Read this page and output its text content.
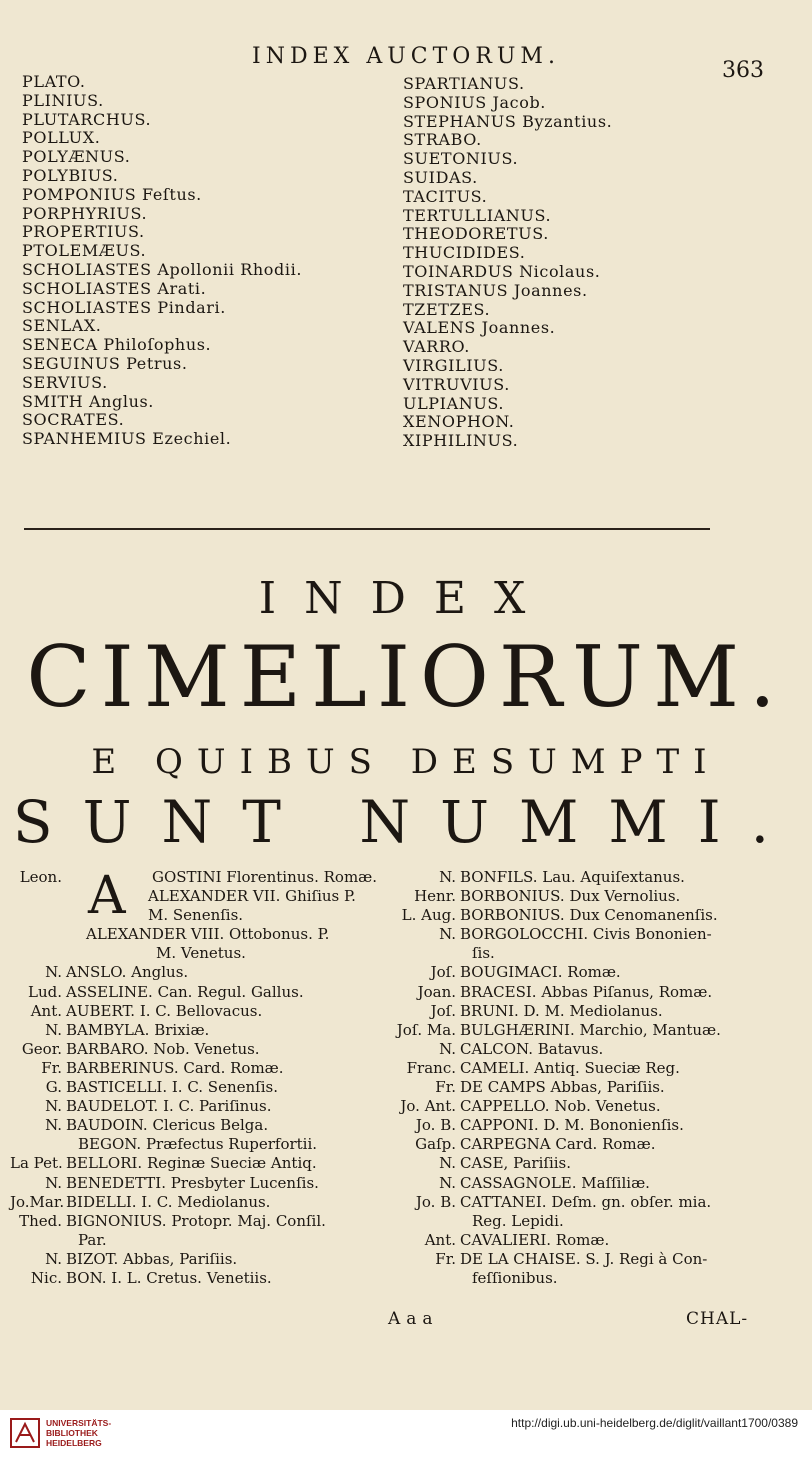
INDEX AUCTORUM.
363
PLATO.
PLINIUS.
PLUTARCHUS.
POLLUX.
POLYÆNUS.
POLYBIUS.
POMPONIUS Feſtus.
PORPHYRIUS.
PROPERTIUS.
PTOLEMÆUS.
SCHOLIASTES Apollonii Rhodii.
SCHOLIASTES Arati.
SCHOLIASTES Pindari.
SENLAX.
SENECA Philoſophus.
SEGUINUS Petrus.
SERVIUS.
SMITH Anglus.
SOCRATES.
SPANHEMIUS Ezechiel.
SPARTIANUS.
SPONIUS Jacob.
STEPHANUS Byzantius.
STRABO.
SUETONIUS.
SUIDAS.
TACITUS.
TERTULLIANUS.
THEODORETUS.
THUCIDIDES.
TOINARDUS Nicolaus.
TRISTANUS Joannes.
TZETZES.
VALENS Joannes.
VARRO.
VIRGILIUS.
VITRUVIUS.
ULPIANUS.
XENOPHON.
XIPHILINUS.
INDEX
CIMELIORUM.
E QUIBUS DESUMPTI
SUNT NUMMI.
Leon.	GOSTINI Florentinus. Romæ.
ALEXANDER VII. Ghiſius P.
M. Senenſis.
ALEXANDER VIII. Ottobonus. P.
M. Venetus.
N. ANSLO. Anglus.
Lud. ASSELINE. Can. Regul. Gallus.
Ant. AUBERT. I. C. Bellovacus.
N. BAMBYLA. Brixiæ.
Geor. BARBARO. Nob. Venetus.
Fr. BARBERINUS. Card. Romæ.
G. BASTICELLI. I. C. Senenſis.
N. BAUDELOT. I. C. Pariſinus.
N. BAUDOIN. Clericus Belga.
BEGON. Præfectus Ruperfortii.
La Pet. BELLORI. Reginæ Sueciæ Antiq.
N. BENEDETTI. Presbyter Lucenſis.
Jo.Mar. BIDELLI. I. C. Mediolanus.
Thed. BIGNONIUS. Protopr. Maj. Conſil.
Par.
N. BIZOT. Abbas, Pariſiis.
Nic. BON. I. L. Cretus. Venetiis.
A	N. BONFILS. Lau. Aquiſextanus.
Henr. BORBONIUS. Dux Vernolius.
L. Aug. BORBONIUS. Dux Cenomanenſis.
N. BORGOLOCCHI. Civis Bononien-
ſis.
Joſ. BOUGIMACI. Romæ.
Joan. BRACESI. Abbas Piſanus, Romæ.
Joſ. BRUNI. D. M. Mediolanus.
Joſ. Ma. BULGHÆRINI. Marchio, Mantuæ.
N. CALCON. Batavus.
Franc. CAMELI. Antiq. Sueciæ Reg.
Fr. DE CAMPS Abbas, Pariſiis.
Jo. Ant. CAPPELLO. Nob. Venetus.
Jo. B. CAPPONI. D. M. Bononienſis.
Gaſp. CARPEGNA Card. Romæ.
N. CASE, Pariſiis.
N. CASSAGNOLE. Maſſiliæ.
Jo. B. CATTANEI. Deſm. gn. obſer. mia.
Reg. Lepidi.
Ant. CAVALIERI. Romæ.
Fr. DE LA CHAISE. S. J. Regi à Con-
feſſionibus.
Aaa	CHAL-
UNIVERSITÄTS-
BIBLIOTHEK
HEIDELBERG
http://digi.ub.uni-heidelberg.de/diglit/vaillant1700/0389
